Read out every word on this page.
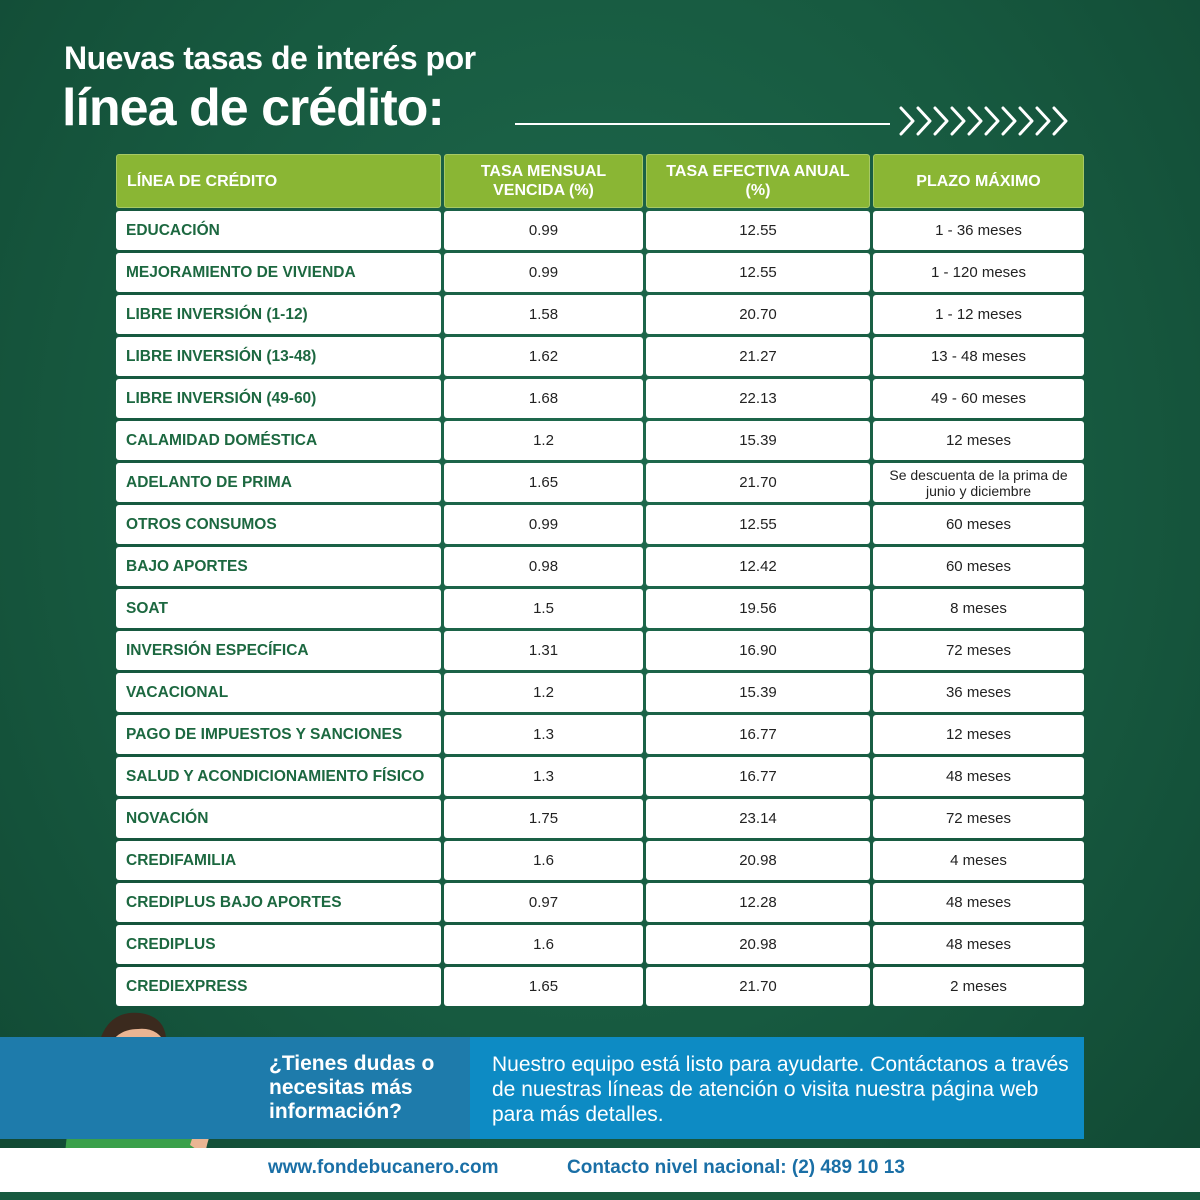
Nuevas tasas de interés por
línea de crédito:
LÍNEA DE CRÉDITO	TASA MENSUAL VENCIDA (%)	TASA EFECTIVA ANUAL (%)	PLAZO MÁXIMO
EDUCACIÓN	0.99	12.55	1 - 36 meses
MEJORAMIENTO DE VIVIENDA	0.99	12.55	1 - 120 meses
LIBRE INVERSIÓN (1-12)	1.58	20.70	1 - 12 meses
LIBRE INVERSIÓN (13-48)	1.62	21.27	13 - 48 meses
LIBRE INVERSIÓN (49-60)	1.68	22.13	49 - 60 meses
CALAMIDAD DOMÉSTICA	1.2	15.39	12 meses
ADELANTO DE PRIMA	1.65	21.70	Se descuenta de la prima de junio y diciembre
OTROS CONSUMOS	0.99	12.55	60 meses
BAJO APORTES	0.98	12.42	60 meses
SOAT	1.5	19.56	8 meses
INVERSIÓN ESPECÍFICA	1.31	16.90	72 meses
VACACIONAL	1.2	15.39	36 meses
PAGO DE IMPUESTOS Y SANCIONES	1.3	16.77	12 meses
SALUD Y ACONDICIONAMIENTO FÍSICO	1.3	16.77	48 meses
NOVACIÓN	1.75	23.14	72 meses
CREDIFAMILIA	1.6	20.98	4 meses
CREDIPLUS BAJO APORTES	0.97	12.28	48 meses
CREDIPLUS	1.6	20.98	48 meses
CREDIEXPRESS	1.65	21.70	2 meses

¿Tienes dudas o necesitas más información?

Nuestro equipo está listo para ayudarte. Contáctanos a través de nuestras líneas de atención o visita nuestra página web para más detalles.

www.fondebucanero.com	Contacto nivel nacional: (2) 489 10 13
